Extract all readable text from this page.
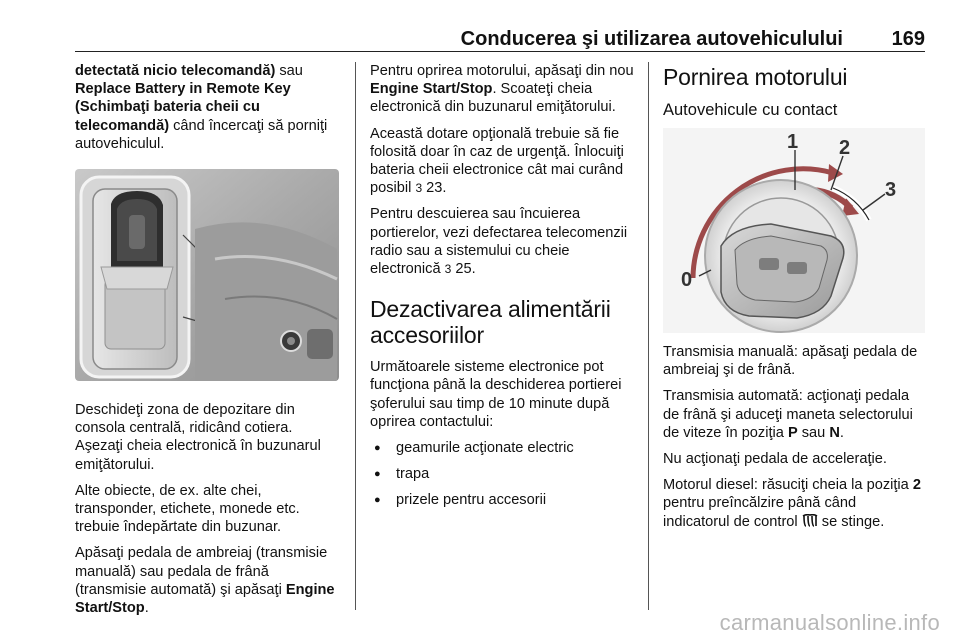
Conducerea şi utilizarea autovehiculului 169

detectată nicio telecomandă) sau Replace Battery in Remote Key (Schimbaţi bateria cheii cu telecomandă) când încercaţi să porniţi autovehiculul.

Deschideţi zona de depozitare din consola centrală, ridicând cotiera. Aşezaţi cheia electronică în buzunarul emiţătorului.

Alte obiecte, de ex. alte chei, transponder, etichete, monede etc. trebuie îndepărtate din buzunar.

Apăsaţi pedala de ambreiaj (transmisie manuală) sau pedala de frână (transmisie automată) şi apăsaţi Engine Start/Stop.

Pentru oprirea motorului, apăsaţi din nou Engine Start/Stop. Scoateţi cheia electronică din buzunarul emiţătorului.

Această dotare opţională trebuie să fie folosită doar în caz de urgenţă. Înlocuiţi bateria cheii electronice cât mai curând posibil 3 23.

Pentru descuierea sau încuierea portierelor, vezi defectarea telecomenzii radio sau a sistemului cu cheie electronică 3 25.

Dezactivarea alimentării accesoriilor

Următoarele sisteme electronice pot funcţiona până la deschiderea portierei şoferului sau timp de 10 minute după oprirea contactului:

● geamurile acţionate electric
● trapa
● prizele pentru accesorii
Pornirea motorului
Autovehicule cu contact
0
1 2
3

Transmisia manuală: apăsaţi pedala de ambreiaj şi de frână.

Transmisia automată: acţionaţi pedala de frână şi aduceţi maneta selectorului de viteze în poziţia P sau N.

Nu acţionaţi pedala de acceleraţie.

Motorul diesel: răsuciţi cheia la poziţia 2 pentru preîncălzire până când indicatorul de control  se stinge.

carmanualsonline.info
